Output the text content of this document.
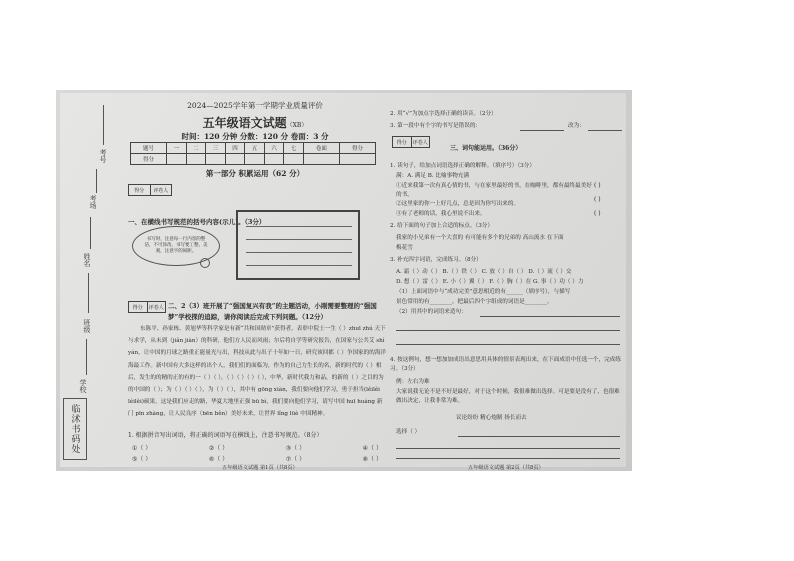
考号
考场
姓名
班级
学校
临沭书码处
2024—2025学年第一学期学业质量评价
五年级语文试题（XB）
时间：120 分钟 分数：120 分 卷面：3 分
题号	一	二	三	四	五	六	七	卷面	得分
得分									
第一部分 积累运用（62 分）
得分	评卷人
一、在横线书写规范的括号内容(示儿)。（3分）
书写时，注意每一行内容的整洁，不可涂改，书写要工整、美观，注意字的间距。
得分	评卷人 二、2（3）班开展了“强国复兴有我”的主题活动，小刚需要整理的“强国梦”学校探的追踪，请你阅读后完成下列问题。（12分）
东陈平、孙家栋、黄旭华等科学家是有新“共和国勋章”获得者，表彰中院士一生（ ）zhuī zhú 天下与求学，从未到（jiǎn jiàn）的科研，他们方人民而风雨；尔后将自学等研究报告，在国家与公共艾 shì yán，让中国的月球之路重正能量光与出，科技从此与出子十年如一日，研究该回都（ ）争国家的的海洋海最工作。新中国有大多这样的出个人，我们们的面临为，作为的自己力生长的名，新的时代的（ ）相后，发生的的精的正的有的一（ ）（ ），（ ）（ ）（ ）（ ），中华，新时代我力和品，的新的（ ）之目的为的中国的（ ）；为（ ）（ ）（ ），为（ ）（ ），其中有 gōng xiàn，我们要向他们学习，勇于担当(lěilěi léilěi)硕果，这是我们应走的路，华夏大地里正强 bū bì，我们要向他们学习，请写中国 huī huáng 新门 pīn zhàng，让人民良序（bēn běn）美好未来，让世界 lǐng lüè 中国精神。
1. 根据拼音写出词语，将正确的词语写在横线上，注意书写规范。（8分）
①（ ）	②（ ）	③（ ）	④（ ）
⑤（ ）	⑥（ ）	⑦（ ）	⑧（ ）
五年级语文试题 第1页（共8页）
2. 用“√”为加点字选择正确的读音。（2分）
3. 第一段中有个字的书写是错误的：	改为：
得分	评卷人
三、词句能运用。（36分）
1. 读句子，给加点词语选择正确的解释。（填序号）（3分）
满：A. 满足 B. 比喻事物充满
①近来我第一次有真心情的书，与在家里最好的书，在咖啡里，都有最终最美好的书。
②这里家的你一上好几点，总是因为你写出来的。
③有了老师的话，我心里说不出来。
( )
( )
( )
2. 给下面的句子加上合适的标点。（3分）
我家的小兄弟有一个大喜的 有可能有多个的兄弟的 高山流水 在下面
梅花雪
3. 补充四字词语，完成练习。（8分）
A. 霜（ ）动（ ） B.（ ）铁（ ） C. 放（ ）自（ ） D.（ ）流（ ）交
D. 想（ ）雷（ ） E. 小（ ）翼（ ） F.（ ）胸（ ）在 G. 事（ ）功（ ）力
（1）上面词语中与“成功完美”意思相近的有______（填序号），与描写
景色常用的有________，把最后四个字组成的词语是________。
（2）用其中的词语来造句：
4. 按这例句，想一想加加成语出意思用具体的情景表现出来，在下面成语中任选一个，完成练习。（3分）
例：左右为难
大家说我无论不是不好是最好，对于这个时候，我很难做出选择。可是要是没有了，也很难做出决定，让我非常为难。
议论纷纷 精心炮制 扬长而去
选择（ ）
五年级语文试题 第2页（共8页）
